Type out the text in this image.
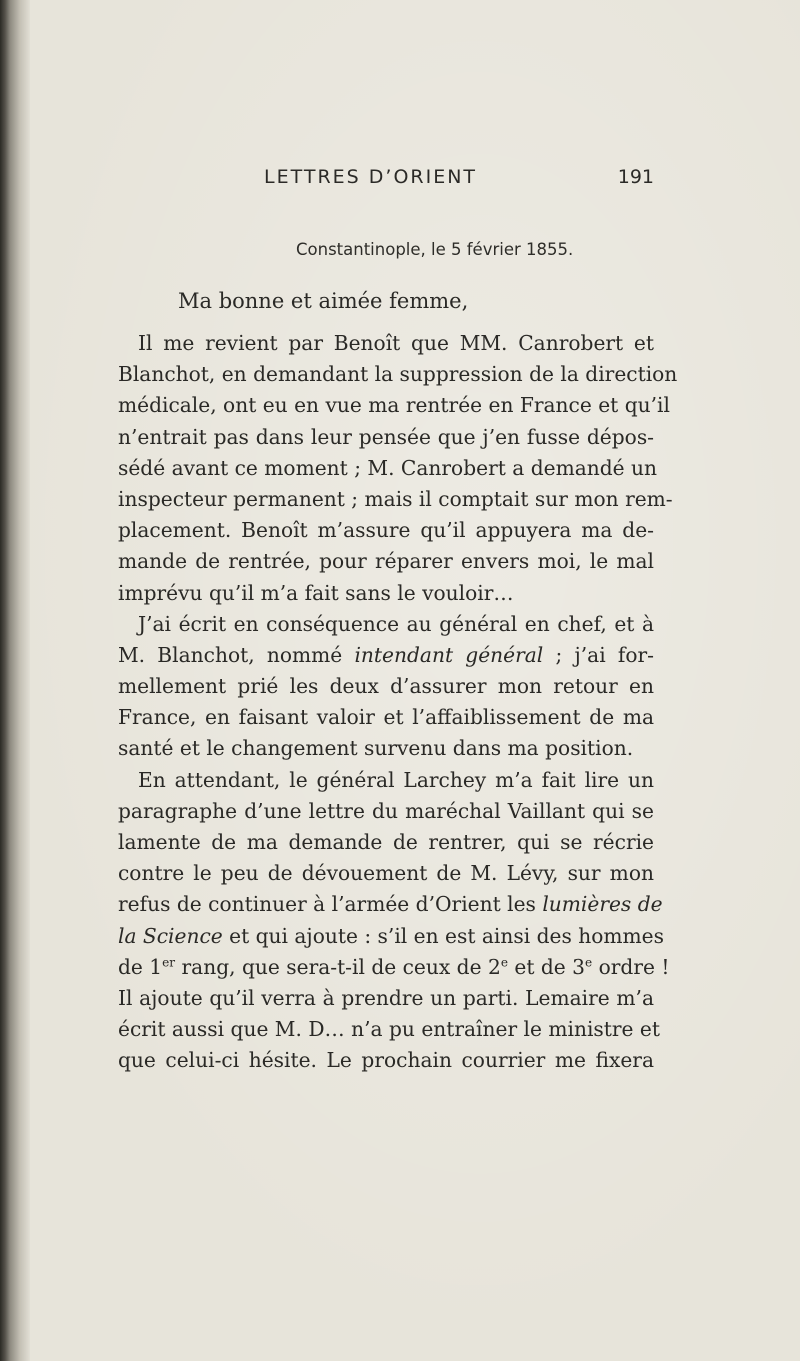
LETTRES D’ORIENT	191
Constantinople, le 5 février 1855.
Ma bonne et aimée femme,
Il me revient par Benoît que MM. Canrobert et
Blanchot, en demandant la suppression de la direction
médicale, ont eu en vue ma rentrée en France et qu’il
n’entrait pas dans leur pensée que j’en fusse dépos-
sédé avant ce moment ; M. Canrobert a demandé un
inspecteur permanent ; mais il comptait sur mon rem-
placement. Benoît m’assure qu’il appuyera ma de-
mande de rentrée, pour réparer envers moi, le mal
imprévu qu’il m’a fait sans le vouloir…
J’ai écrit en conséquence au général en chef, et à
M. Blanchot, nommé intendant général ; j’ai for-
mellement prié les deux d’assurer mon retour en
France, en faisant valoir et l’affaiblissement de ma
santé et le changement survenu dans ma position.
En attendant, le général Larchey m’a fait lire un
paragraphe d’une lettre du maréchal Vaillant qui se
lamente de ma demande de rentrer, qui se récrie
contre le peu de dévouement de M. Lévy, sur mon
refus de continuer à l’armée d’Orient les lumières de
la Science et qui ajoute : s’il en est ainsi des hommes
de 1er rang, que sera-t-il de ceux de 2e et de 3e ordre !
Il ajoute qu’il verra à prendre un parti. Lemaire m’a
écrit aussi que M. D… n’a pu entraîner le ministre et
que celui-ci hésite. Le prochain courrier me fixera
